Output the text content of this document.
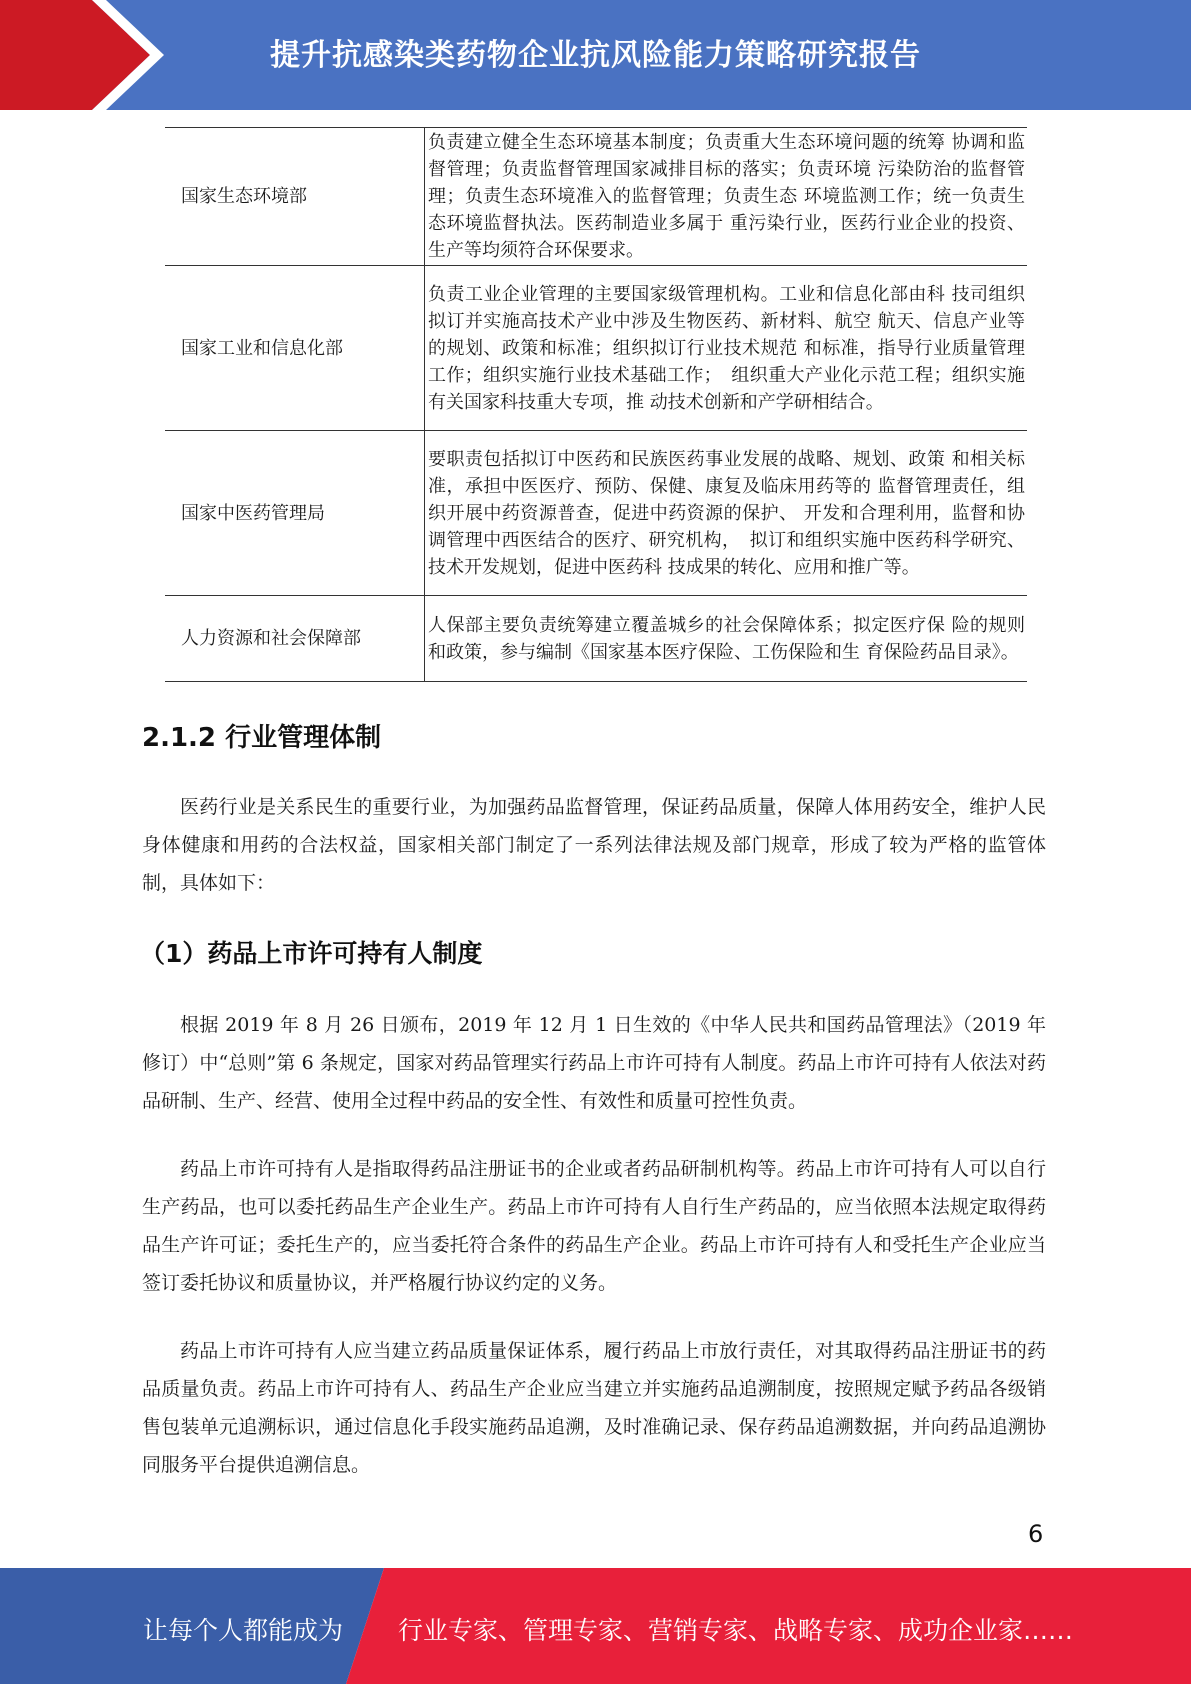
提升抗感染类药物企业抗风险能力策略研究报告
国家生态环境部	负责建立健全生态环境基本制度；负责重大生态环境问题的统筹 协调和监督管理；负责监督管理国家减排目标的落实；负责环境 污染防治的监督管理；负责生态环境准入的监督管理；负责生态 环境监测工作；统一负责生态环境监督执法。医药制造业多属于 重污染行业，医药行业企业的投资、生产等均须符合环保要求。
国家工业和信息化部	负责工业企业管理的主要国家级管理机构。工业和信息化部由科 技司组织拟订并实施高技术产业中涉及生物医药、新材料、航空 航天、信息产业等的规划、政策和标准；组织拟订行业技术规范 和标准，指导行业质量管理工作；组织实施行业技术基础工作；　组织重大产业化示范工程；组织实施有关国家科技重大专项，推 动技术创新和产学研相结合。
国家中医药管理局	要职责包括拟订中医药和民族医药事业发展的战略、规划、政策 和相关标准，承担中医医疗、预防、保健、康复及临床用药等的 监督管理责任，组织开展中药资源普查，促进中药资源的保护、 开发和合理利用，监督和协调管理中西医结合的医疗、研究机构，　拟订和组织实施中医药科学研究、技术开发规划，促进中医药科 技成果的转化、应用和推广等。
人力资源和社会保障部	人保部主要负责统筹建立覆盖城乡的社会保障体系；拟定医疗保 险的规则和政策，参与编制《国家基本医疗保险、工伤保险和生 育保险药品目录》。
2.1.2 行业管理体制

医药行业是关系民生的重要行业，为加强药品监督管理，保证药品质量，保障人体用药安全，维护人民身体健康和用药的合法权益，国家相关部门制定了一系列法律法规及部门规章，形成了较为严格的监管体制，具体如下：

（1）药品上市许可持有人制度

根据 2019 年 8 月 26 日颁布，2019 年 12 月 1 日生效的《中华人民共和国药品管理法》（2019 年修订）中“总则”第 6 条规定，国家对药品管理实行药品上市许可持有人制度。药品上市许可持有人依法对药品研制、生产、经营、使用全过程中药品的安全性、有效性和质量可控性负责。

药品上市许可持有人是指取得药品注册证书的企业或者药品研制机构等。药品上市许可持有人可以自行生产药品，也可以委托药品生产企业生产。药品上市许可持有人自行生产药品的，应当依照本法规定取得药品生产许可证；委托生产的，应当委托符合条件的药品生产企业。药品上市许可持有人和受托生产企业应当签订委托协议和质量协议，并严格履行协议约定的义务。

药品上市许可持有人应当建立药品质量保证体系，履行药品上市放行责任，对其取得药品注册证书的药品质量负责。药品上市许可持有人、药品生产企业应当建立并实施药品追溯制度，按照规定赋予药品各级销售包装单元追溯标识，通过信息化手段实施药品追溯，及时准确记录、保存药品追溯数据，并向药品追溯协同服务平台提供追溯信息。

6
让每个人都能成为 行业专家、管理专家、营销专家、战略专家、成功企业家……
